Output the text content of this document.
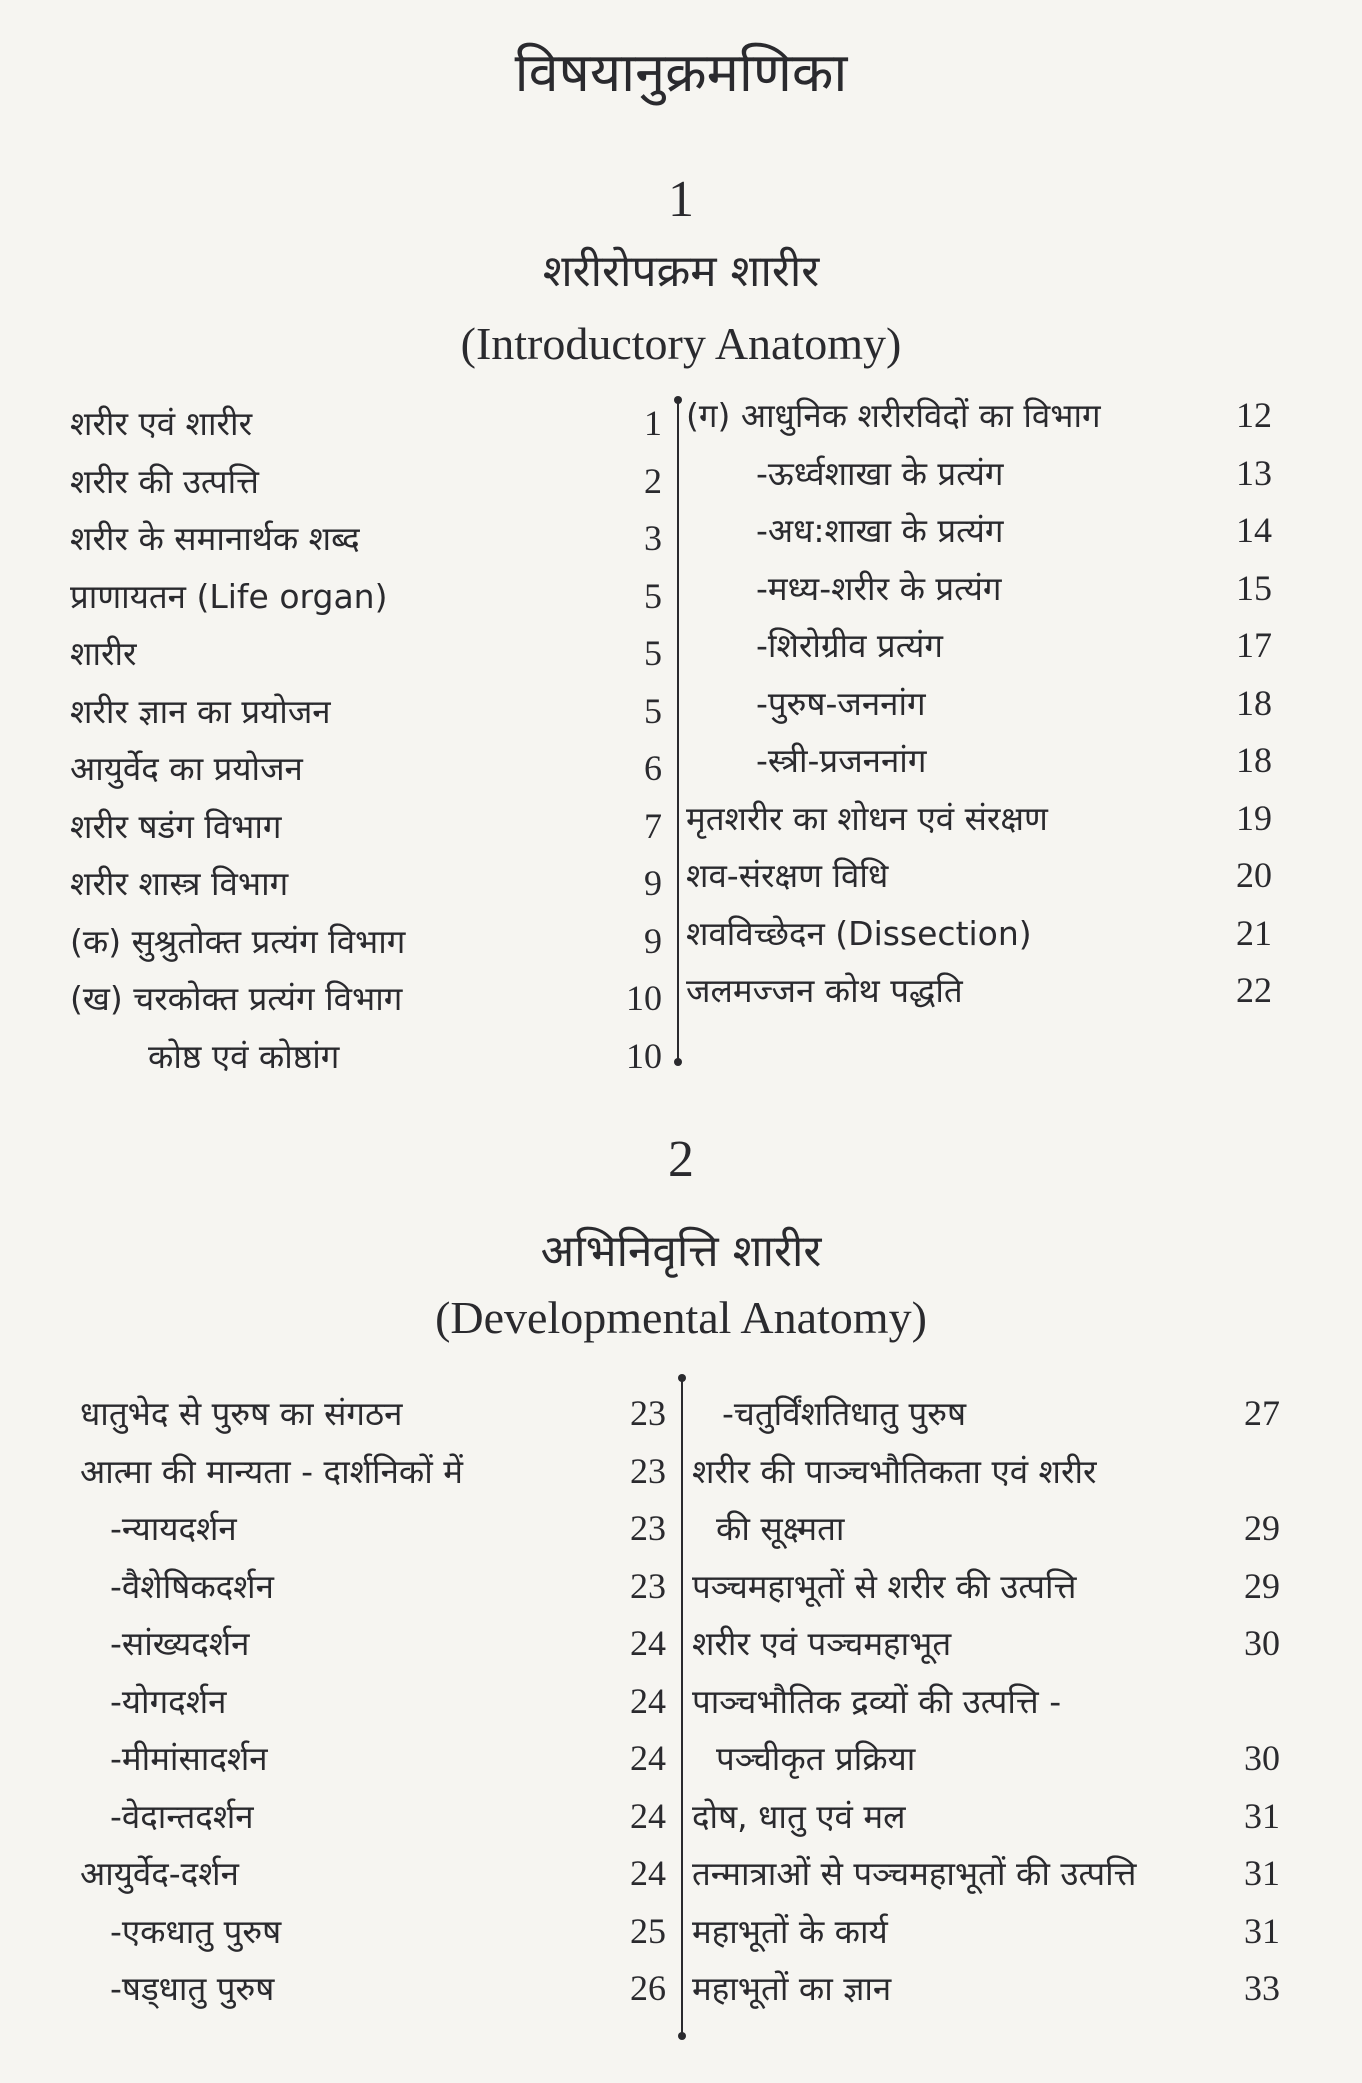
विषयानुक्रमणिका
1
शरीरोपक्रम शारीर
(Introductory Anatomy)
शरीर एवं शारीर	1
शरीर की उत्पत्ति	2
शरीर के समानार्थक शब्द	3
प्राणायतन (Life organ)	5
शारीर	5
शरीर ज्ञान का प्रयोजन	5
आयुर्वेद का प्रयोजन	6
शरीर षडंग विभाग	7
शरीर शास्त्र विभाग	9
(क) सुश्रुतोक्त प्रत्यंग विभाग	9
(ख) चरकोक्त प्रत्यंग विभाग	10
कोष्ठ एवं कोष्ठांग	10
(ग) आधुनिक शरीरविदों का विभाग	12
-ऊर्ध्वशाखा के प्रत्यंग	13
-अध:शाखा के प्रत्यंग	14
-मध्य-शरीर के प्रत्यंग	15
-शिरोग्रीव प्रत्यंग	17
-पुरुष-जननांग	18
-स्त्री-प्रजननांग	18
मृतशरीर का शोधन एवं संरक्षण	19
शव-संरक्षण विधि	20
शवविच्छेदन (Dissection)	21
जलमज्जन कोथ पद्धति	22
2
अभिनिवृत्ति शारीर
(Developmental Anatomy)
धातुभेद से पुरुष का संगठन	23
आत्मा की मान्यता - दार्शनिकों में	23
-न्यायदर्शन	23
-वैशेषिकदर्शन	23
-सांख्यदर्शन	24
-योगदर्शन	24
-मीमांसादर्शन	24
-वेदान्तदर्शन	24
आयुर्वेद-दर्शन	24
-एकधातु पुरुष	25
-षड्धातु पुरुष	26
-चतुर्विंशतिधातु पुरुष	27
शरीर की पाञ्चभौतिकता एवं शरीर
की सूक्ष्मता	29
पञ्चमहाभूतों से शरीर की उत्पत्ति	29
शरीर एवं पञ्चमहाभूत	30
पाञ्चभौतिक द्रव्यों की उत्पत्ति -
पञ्चीकृत प्रक्रिया	30
दोष, धातु एवं मल	31
तन्मात्राओं से पञ्चमहाभूतों की उत्पत्ति	31
महाभूतों के कार्य	31
महाभूतों का ज्ञान	33
